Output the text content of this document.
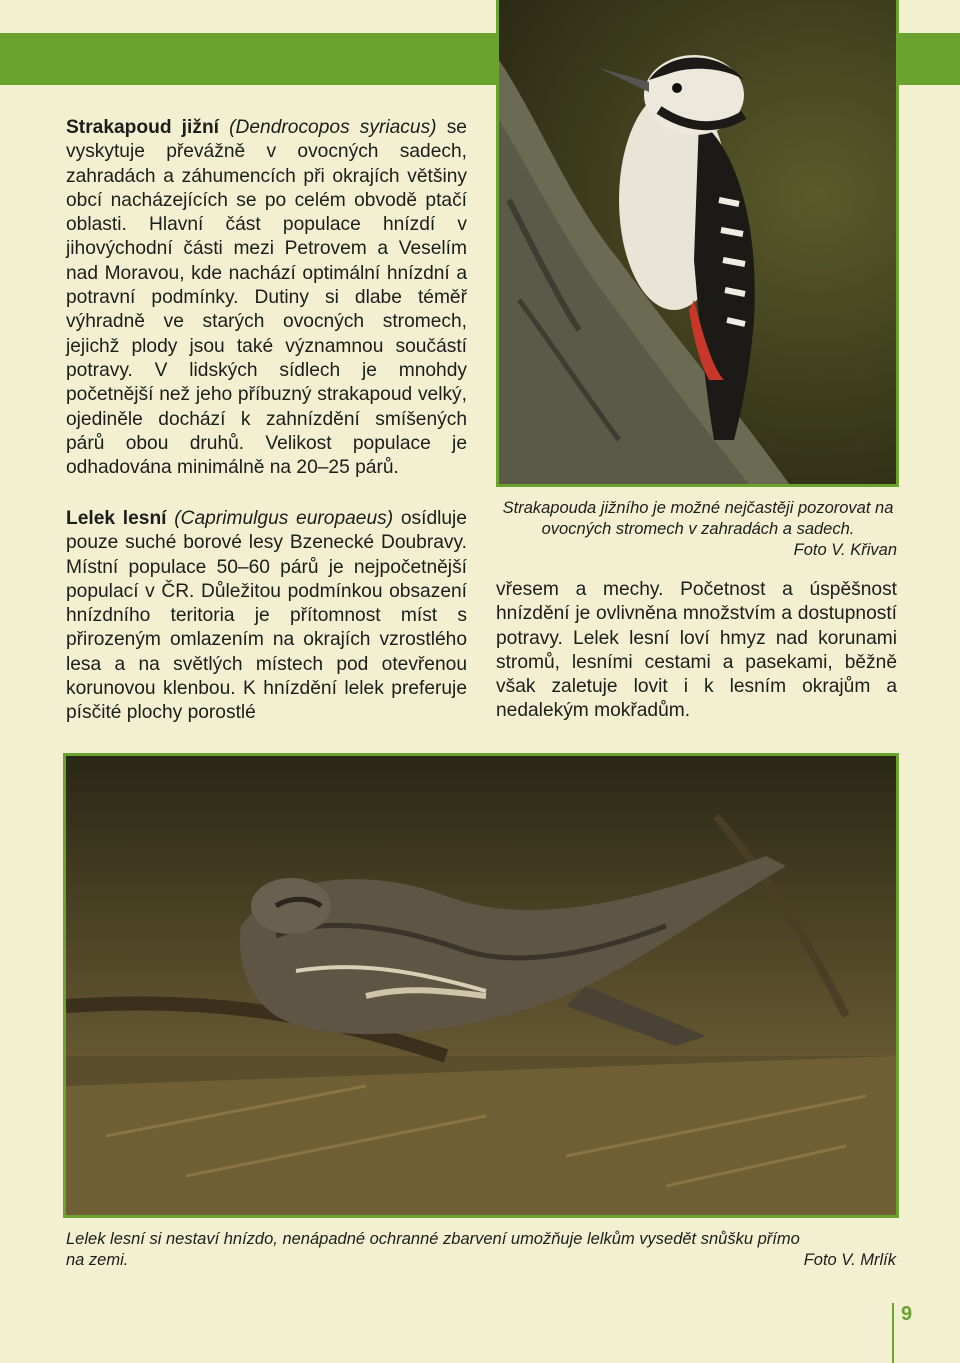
Strakapoud jižní (Dendrocopos syriacus) se vyskytuje převážně v ovocných sadech, zahradách a záhumencích při okrajích většiny obcí nacházejících se po celém obvodě ptačí oblasti. Hlavní část populace hnízdí v jihovýchodní části mezi Petrovem a Veselím nad Moravou, kde nachází optimální hnízdní a potravní podmínky. Dutiny si dlabe téměř výhradně ve starých ovocných stromech, jejichž plody jsou také významnou součástí potravy. V lidských sídlech je mnohdy početnější než jeho příbuzný strakapoud velký, ojediněle dochází k zahnízdění smíšených párů obou druhů. Velikost populace je odhadována minimálně na 20–25 párů.
Strakapouda jižního je možné nejčastěji pozorovat na ovocných stromech v zahradách a sadech.
Foto V. Křivan
Lelek lesní (Caprimulgus europaeus) osídluje pouze suché borové lesy Bzenecké Doubravy. Místní populace 50–60 párů je nejpočetnější populací v ČR. Důležitou podmínkou obsazení hnízdního teritoria je přítomnost míst s přirozeným omlazením na okrajích vzrostlého lesa a na světlých místech pod otevřenou korunovou klenbou. K hnízdění lelek preferuje písčité plochy porostlé
vřesem a mechy. Početnost a úspěšnost hnízdění je ovlivněna množstvím a dostupností potravy. Lelek lesní loví hmyz nad korunami stromů, lesními cestami a pasekami, běžně však zaletuje lovit i k lesním okrajům a nedalekým mokřadům.
Lelek lesní si nestaví hnízdo, nenápadné ochranné zbarvení umožňuje lelkům vysedět snůšku přímo
na zemi.	Foto V. Mrlík
9
